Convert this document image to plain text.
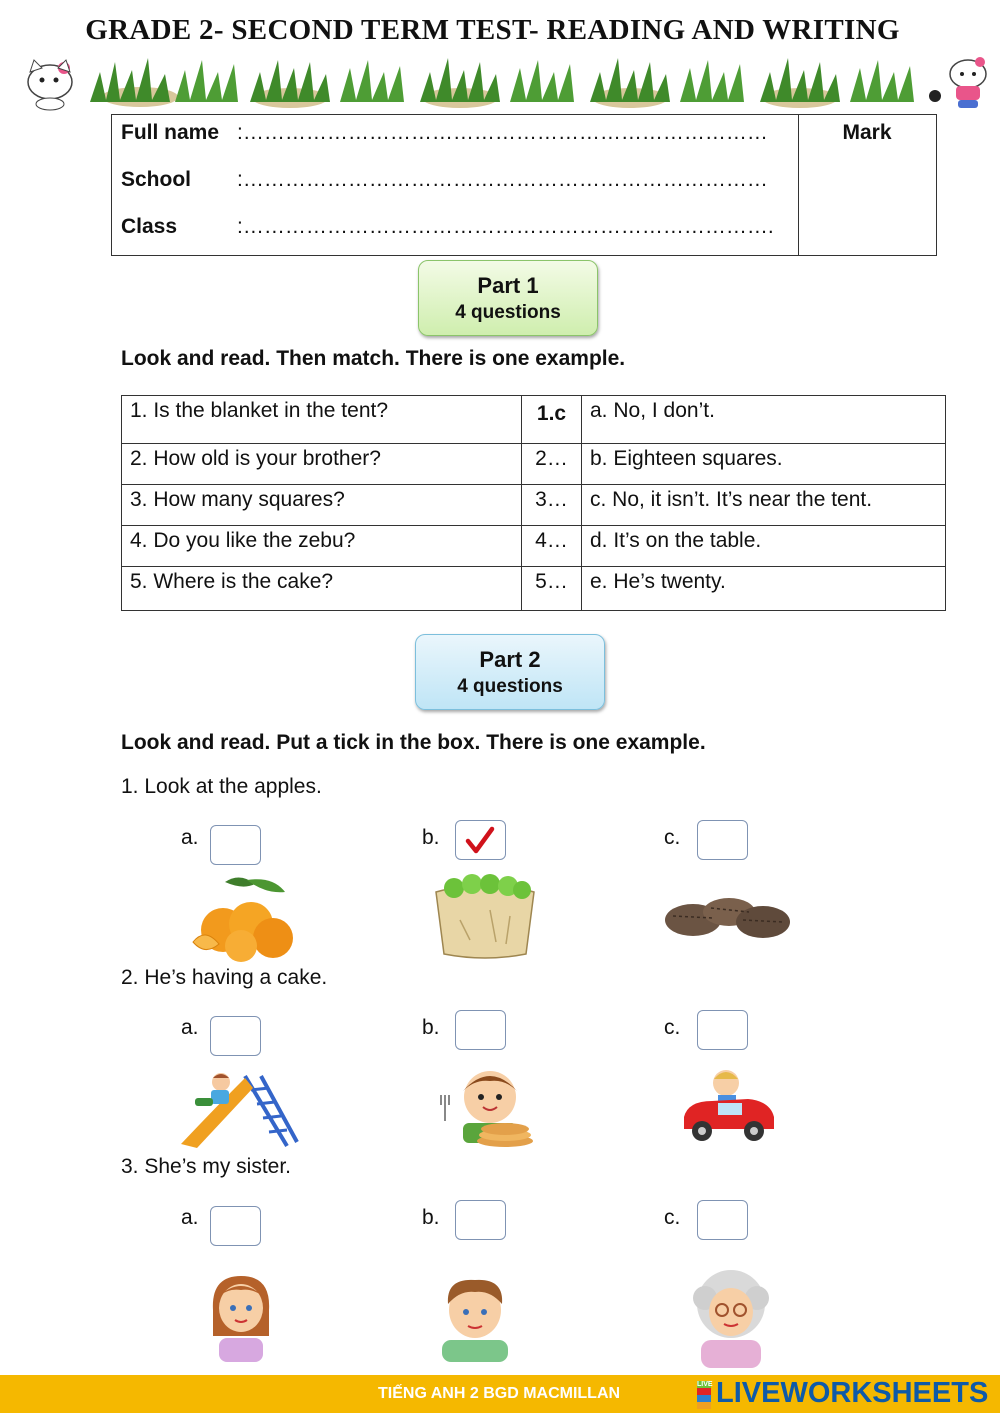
GRADE 2- SECOND TERM TEST- READING AND WRITING
Full name :…………………………………………………………………
School :…………………………………………………………………
Class	:………………………………………………………………….
Mark
Part 1
4 questions
Look and read. Then match. There is one example.
1. Is the blanket in the tent?	1.c	a. No, I don’t.
2. How old is your brother?	2…	b. Eighteen squares.
3. How many squares?	3…	c. No, it isn’t. It’s near the tent.
4. Do you like the zebu?	4…	d. It’s on the table.
5. Where is the cake?	5…	e. He’s twenty.
Part 2
4 questions
Look and read. Put a tick in the box. There is one example.
1. Look at the apples.
a.	b.	c.
2. He’s having a cake.
a.	b.	c.
3. She’s my sister.
a.	b.	c.
TIẾNG ANH 2 BGD MACMILLAN
LIVE LIVEWORKSHEETS
